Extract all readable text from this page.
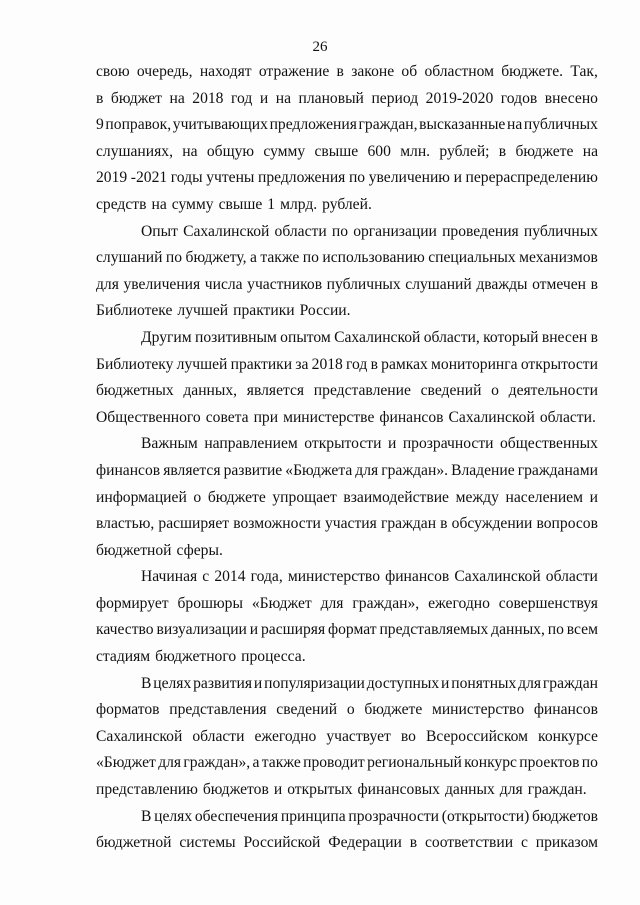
26
свою очередь, находят отражение в законе об областном бюджете. Так,
в бюджет на 2018 год и на плановый период 2019-2020 годов внесено
9 поправок, учитывающих предложения граждан, высказанные на публичных
слушаниях, на общую сумму свыше 600 млн. рублей; в бюджете на
2019 -2021 годы учтены предложения по увеличению и перераспределению
средств на сумму свыше 1 млрд. рублей.
Опыт Сахалинской области по организации проведения публичных
слушаний по бюджету, а также по использованию специальных механизмов
для увеличения числа участников публичных слушаний дважды отмечен в
Библиотеке лучшей практики России.
Другим позитивным опытом Сахалинской области, который внесен в
Библиотеку лучшей практики за 2018 год в рамках мониторинга открытости
бюджетных данных, является представление сведений о деятельности
Общественного совета при министерстве финансов Сахалинской области.
Важным направлением открытости и прозрачности общественных
финансов является развитие «Бюджета для граждан». Владение гражданами
информацией о бюджете упрощает взаимодействие между населением и
властью, расширяет возможности участия граждан в обсуждении вопросов
бюджетной сферы.
Начиная с 2014 года, министерство финансов Сахалинской области
формирует брошюры «Бюджет для граждан», ежегодно совершенствуя
качество визуализации и расширяя формат представляемых данных, по всем
стадиям бюджетного процесса.
В целях развития и популяризации доступных и понятных для граждан
форматов представления сведений о бюджете министерство финансов
Сахалинской области ежегодно участвует во Всероссийском конкурсе
«Бюджет для граждан», а также проводит региональный конкурс проектов по
представлению бюджетов и открытых финансовых данных для граждан.
В целях обеспечения принципа прозрачности (открытости) бюджетов
бюджетной системы Российской Федерации в соответствии с приказом
